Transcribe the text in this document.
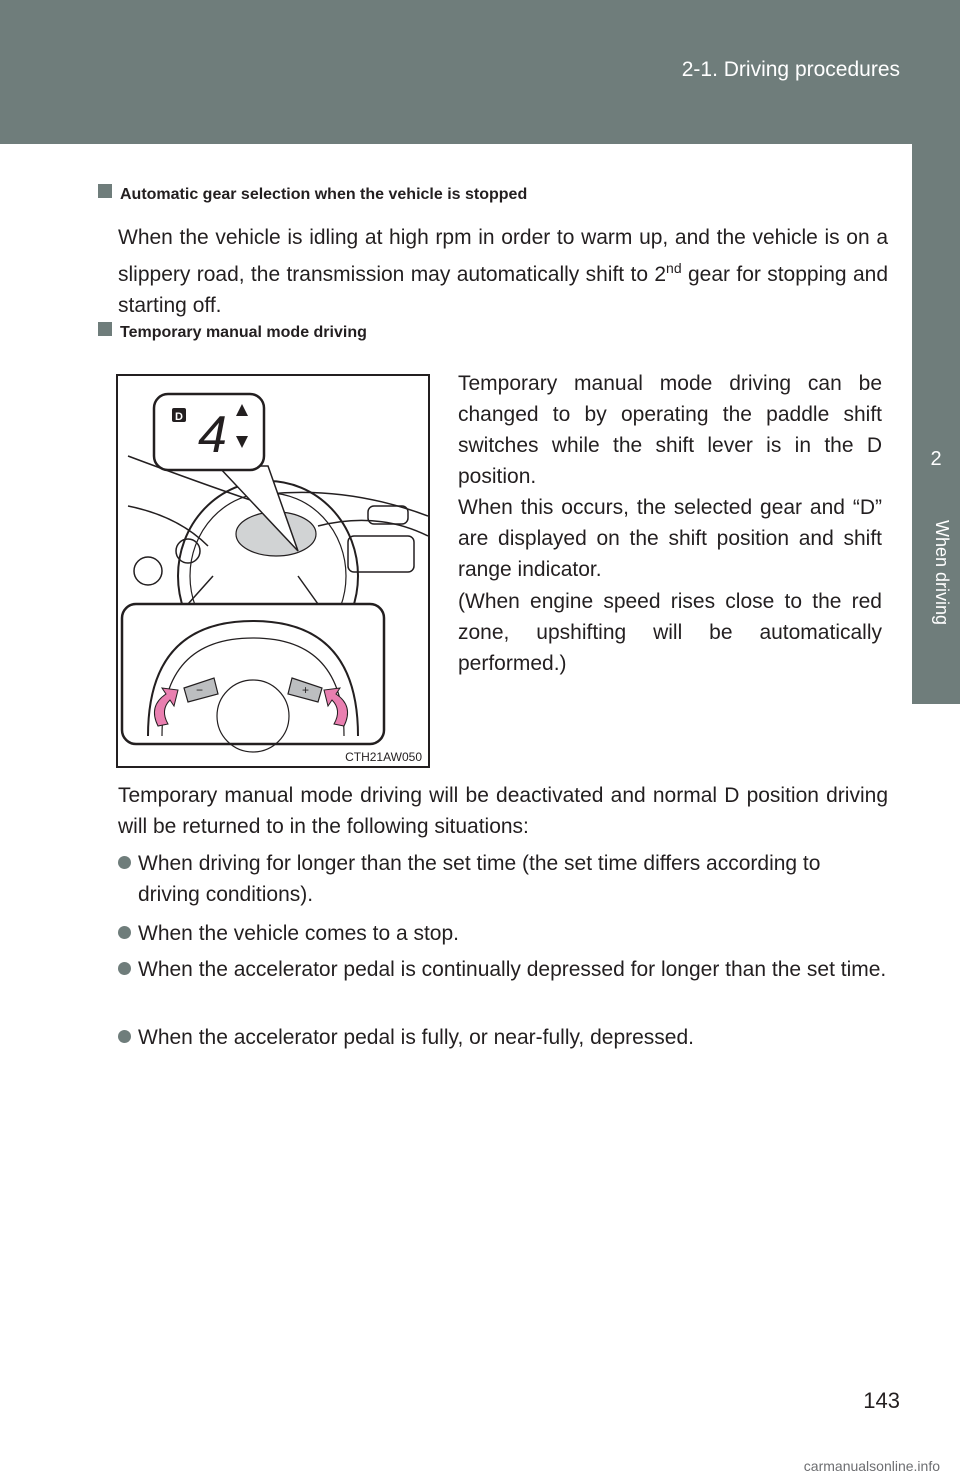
2-1. Driving procedures
2
When driving
Automatic gear selection when the vehicle is stopped
When the vehicle is idling at high rpm in order to warm up, and the vehicle is on a slippery road, the transmission may automatically shift to 2nd gear for stopping and starting off.
Temporary manual mode driving
D 4
−	+
CTH21AW050
Temporary manual mode driving can be changed to by operating the paddle shift switches while the shift lever is in the D position.
When this occurs, the selected gear and “D” are displayed on the shift position and shift range indicator.
(When engine speed rises close to the red zone, upshifting will be automatically performed.)
Temporary manual mode driving will be deactivated and normal D position driving will be returned to in the following situations:
When driving for longer than the set time (the set time differs according to driving conditions).
When the vehicle comes to a stop.
When the accelerator pedal is continually depressed for longer than the set time.
When the accelerator pedal is fully, or near-fully, depressed.
143
carmanualsonline.info
